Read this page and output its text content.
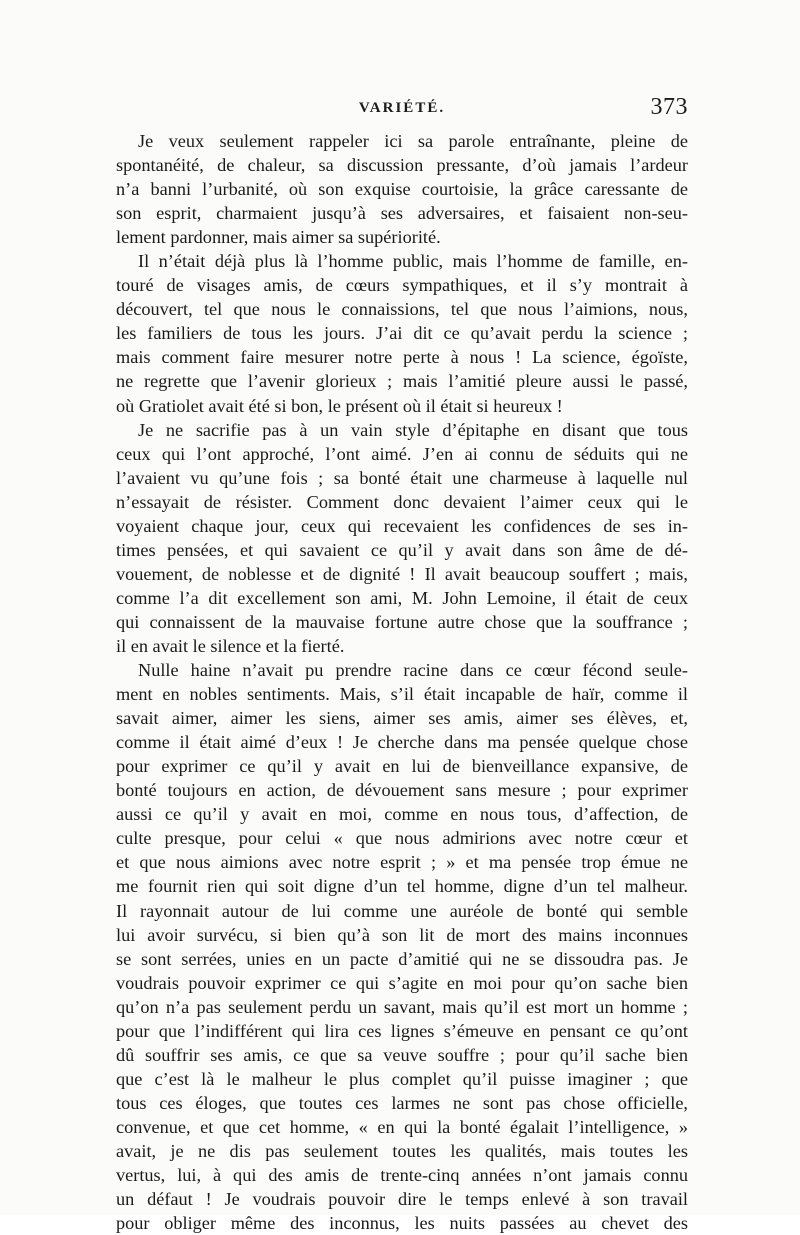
VARIÉTÉ.	373
Je veux seulement rappeler ici sa parole entraînante, pleine de
spontanéité, de chaleur, sa discussion pressante, d’où jamais l’ardeur
n’a banni l’urbanité, où son exquise courtoisie, la grâce caressante de
son esprit, charmaient jusqu’à ses adversaires, et faisaient non-seu-
lement pardonner, mais aimer sa supériorité.
Il n’était déjà plus là l’homme public, mais l’homme de famille, en-
touré de visages amis, de cœurs sympathiques, et il s’y montrait à
découvert, tel que nous le connaissions, tel que nous l’aimions, nous,
les familiers de tous les jours. J’ai dit ce qu’avait perdu la science ;
mais comment faire mesurer notre perte à nous ! La science, égoïste,
ne regrette que l’avenir glorieux ; mais l’amitié pleure aussi le passé,
où Gratiolet avait été si bon, le présent où il était si heureux !
Je ne sacrifie pas à un vain style d’épitaphe en disant que tous
ceux qui l’ont approché, l’ont aimé. J’en ai connu de séduits qui ne
l’avaient vu qu’une fois ; sa bonté était une charmeuse à laquelle nul
n’essayait de résister. Comment donc devaient l’aimer ceux qui le
voyaient chaque jour, ceux qui recevaient les confidences de ses in-
times pensées, et qui savaient ce qu’il y avait dans son âme de dé-
vouement, de noblesse et de dignité ! Il avait beaucoup souffert ; mais,
comme l’a dit excellement son ami, M. John Lemoine, il était de ceux
qui connaissent de la mauvaise fortune autre chose que la souffrance ;
il en avait le silence et la fierté.
Nulle haine n’avait pu prendre racine dans ce cœur fécond seule-
ment en nobles sentiments. Mais, s’il était incapable de haïr, comme il
savait aimer, aimer les siens, aimer ses amis, aimer ses élèves, et,
comme il était aimé d’eux ! Je cherche dans ma pensée quelque chose
pour exprimer ce qu’il y avait en lui de bienveillance expansive, de
bonté toujours en action, de dévouement sans mesure ; pour exprimer
aussi ce qu’il y avait en moi, comme en nous tous, d’affection, de
culte presque, pour celui « que nous admirions avec notre cœur et
et que nous aimions avec notre esprit ; » et ma pensée trop émue ne
me fournit rien qui soit digne d’un tel homme, digne d’un tel malheur.
Il rayonnait autour de lui comme une auréole de bonté qui semble
lui avoir survécu, si bien qu’à son lit de mort des mains inconnues
se sont serrées, unies en un pacte d’amitié qui ne se dissoudra pas. Je
voudrais pouvoir exprimer ce qui s’agite en moi pour qu’on sache bien
qu’on n’a pas seulement perdu un savant, mais qu’il est mort un homme ;
pour que l’indifférent qui lira ces lignes s’émeuve en pensant ce qu’ont
dû souffrir ses amis, ce que sa veuve souffre ; pour qu’il sache bien
que c’est là le malheur le plus complet qu’il puisse imaginer ; que
tous ces éloges, que toutes ces larmes ne sont pas chose officielle,
convenue, et que cet homme, « en qui la bonté égalait l’intelligence, »
avait, je ne dis pas seulement toutes les qualités, mais toutes les
vertus, lui, à qui des amis de trente-cinq années n’ont jamais connu
un défaut ! Je voudrais pouvoir dire le temps enlevé à son travail
pour obliger même des inconnus, les nuits passées au chevet des
